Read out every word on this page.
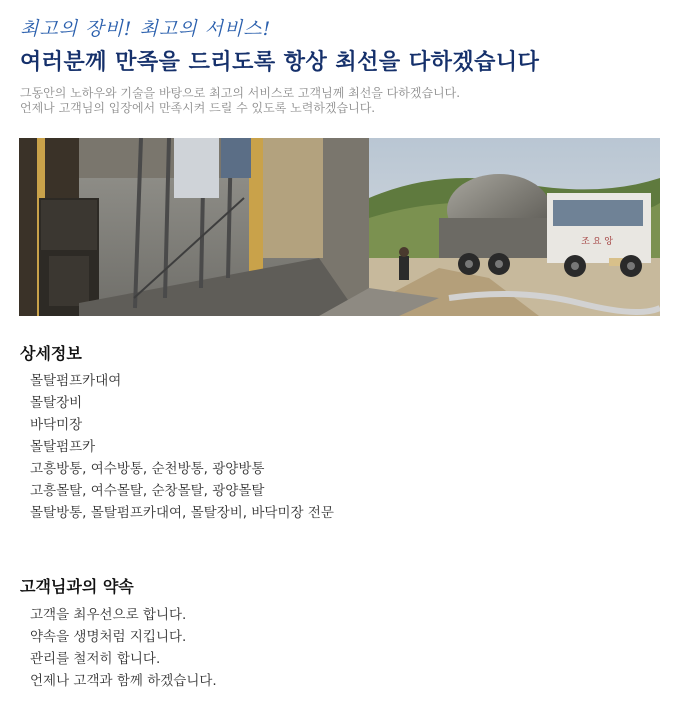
최고의 장비! 최고의 서비스!
여러분께 만족을 드리도록 항상 최선을 다하겠습니다

그동안의 노하우와 기술을 바탕으로 최고의 서비스로 고객님께 최선을 다하겠습니다.

언제나 고객님의 입장에서 만족시켜 드릴 수 있도록 노력하겠습니다.

조 요 앙
상세정보
몰탈펌프카대여
몰탈장비
바닥미장
몰탈펌프카
고흥방통, 여수방통, 순천방통, 광양방통
고흥몰탈, 여수몰탈, 순창몰탈, 광양몰탈
몰탈방통, 몰탈펌프카대여, 몰탈장비, 바닥미장 전문
고객님과의 약속
고객을 최우선으로 합니다.
약속을 생명처럼 지킵니다.
관리를 철저히 합니다.
언제나 고객과 함께 하겠습니다.
